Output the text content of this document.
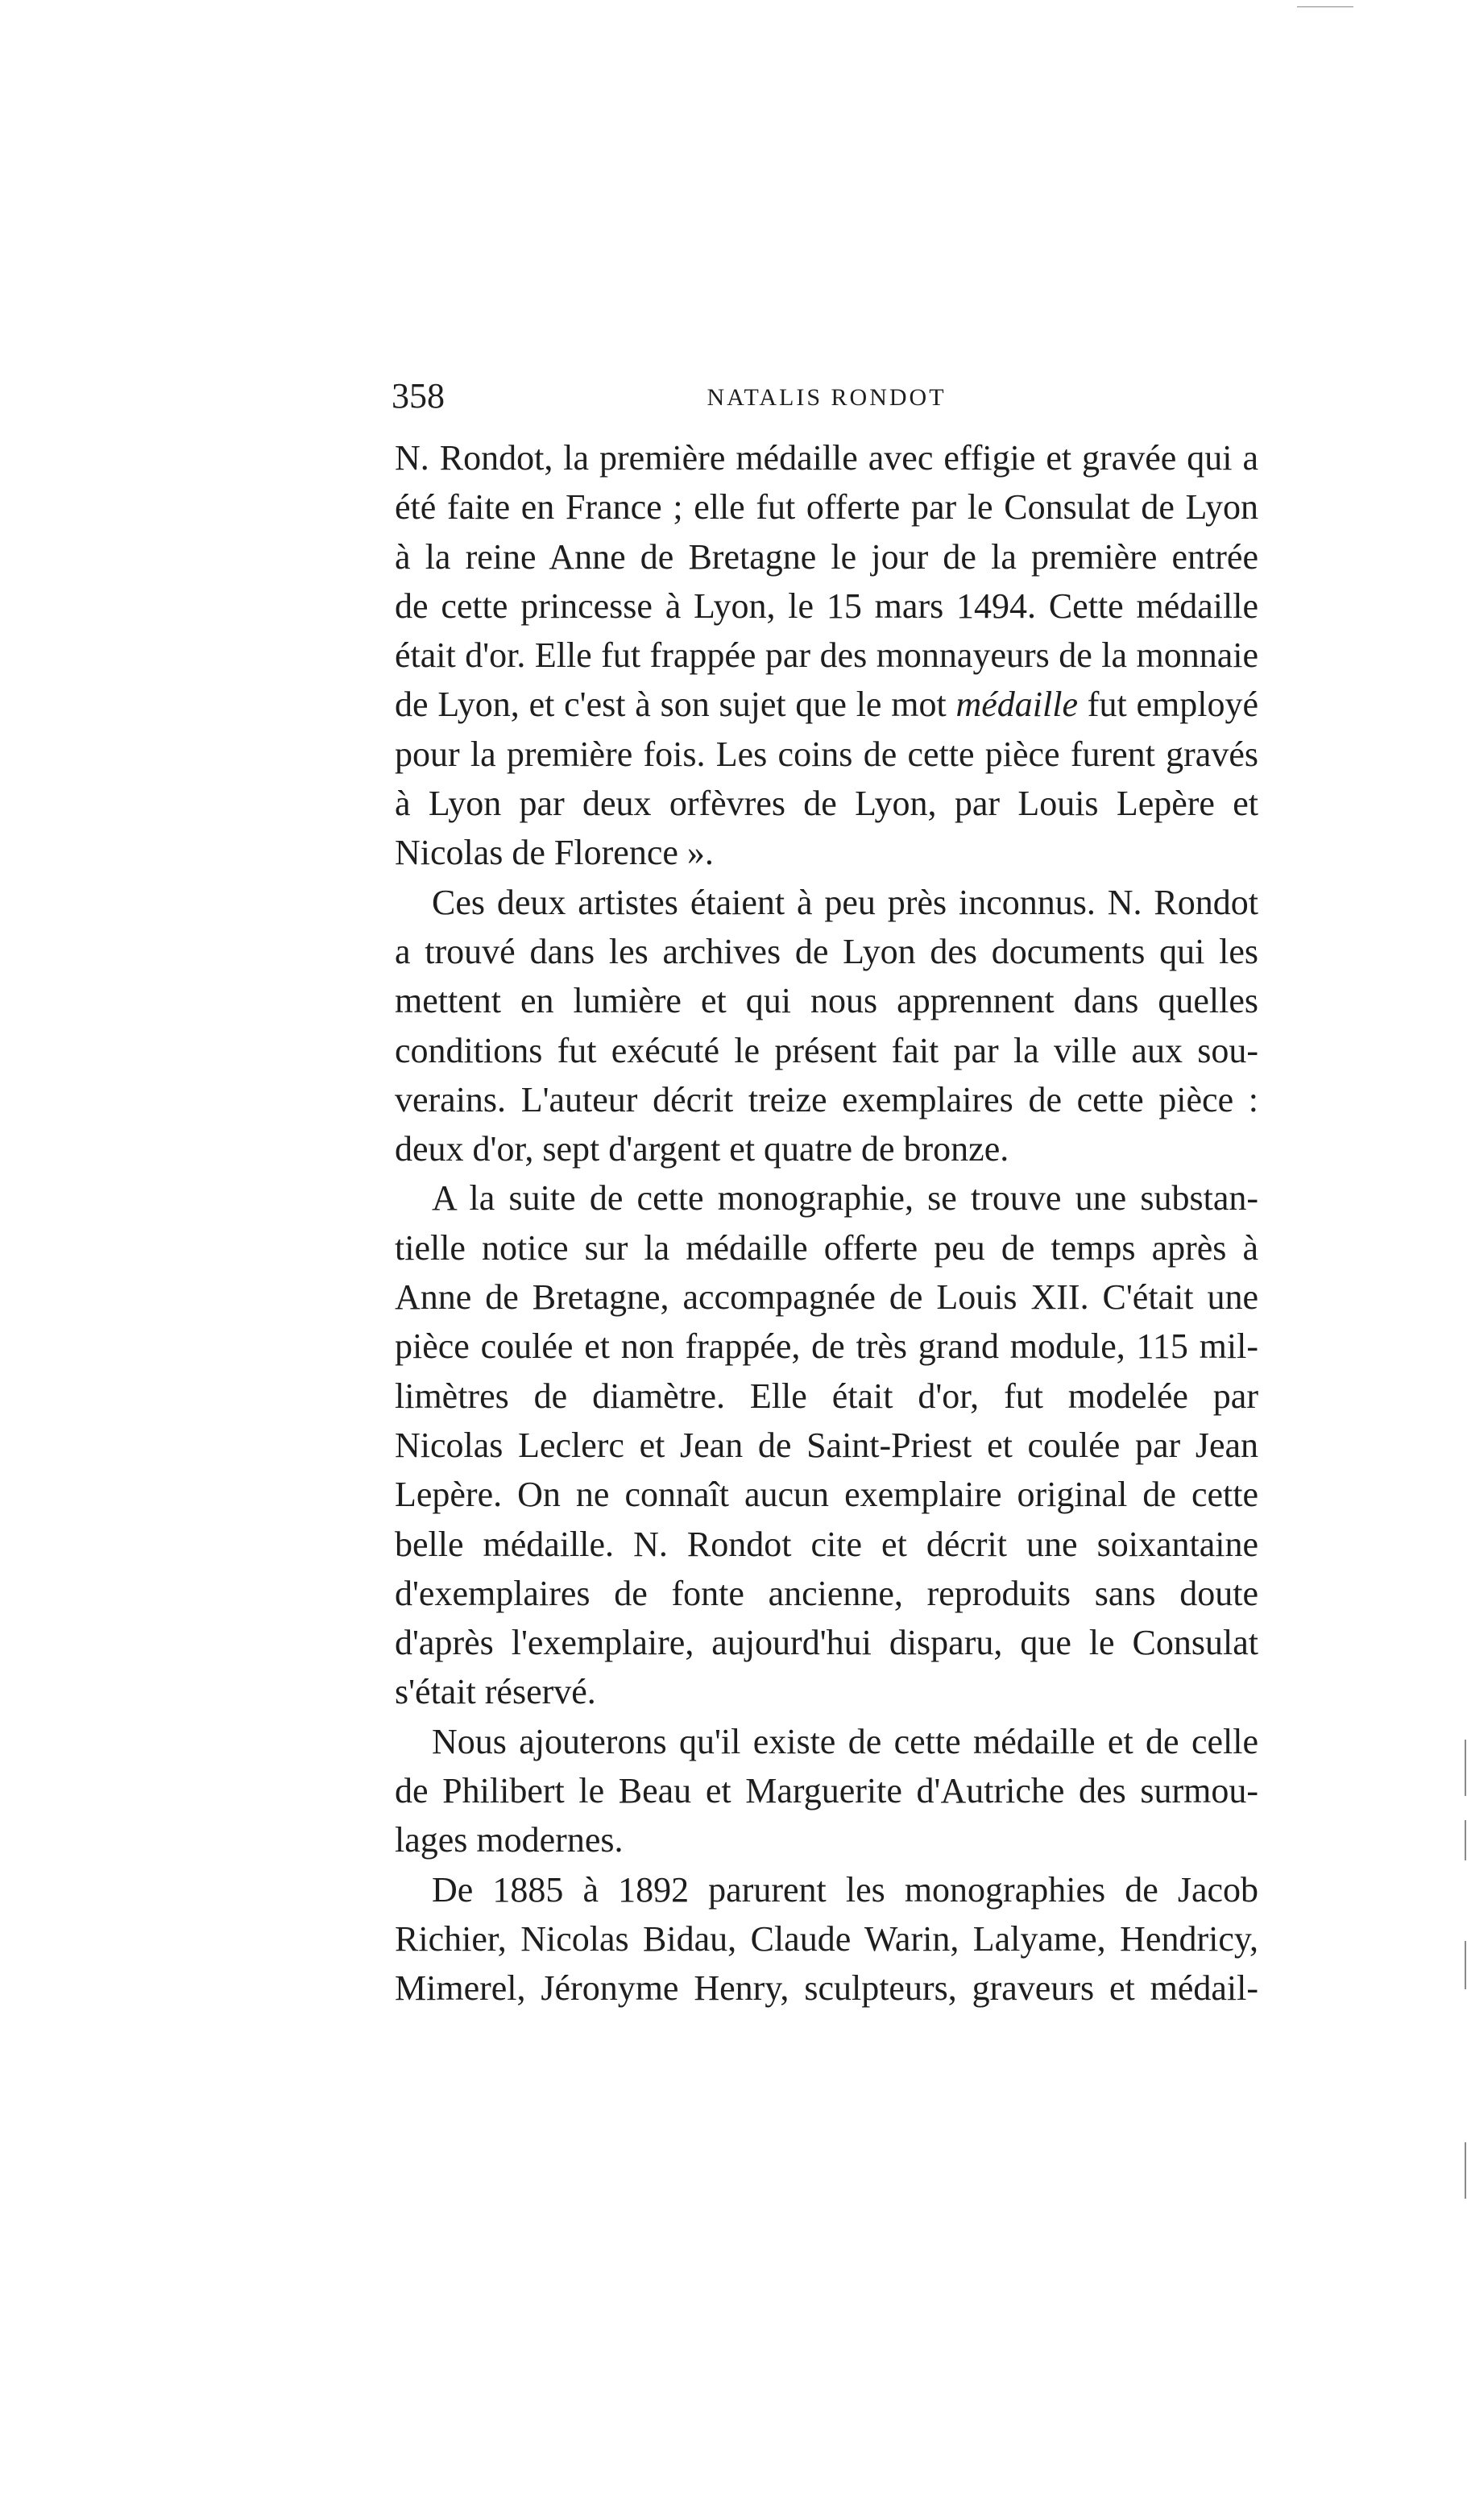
358	NATALIS RONDOT
N. Rondot, la première médaille avec effigie et gravée qui a
été faite en France ; elle fut offerte par le Consulat de Lyon
à la reine Anne de Bretagne le jour de la première entrée
de cette princesse à Lyon, le 15 mars 1494. Cette médaille
était d'or. Elle fut frappée par des monnayeurs de la monnaie
de Lyon, et c'est à son sujet que le mot médaille fut employé
pour la première fois. Les coins de cette pièce furent gravés
à Lyon par deux orfèvres de Lyon, par Louis Lepère et
Nicolas de Florence ».
Ces deux artistes étaient à peu près inconnus. N. Rondot
a trouvé dans les archives de Lyon des documents qui les
mettent en lumière et qui nous apprennent dans quelles
conditions fut exécuté le présent fait par la ville aux sou-
verains. L'auteur décrit treize exemplaires de cette pièce :
deux d'or, sept d'argent et quatre de bronze.
A la suite de cette monographie, se trouve une substan-
tielle notice sur la médaille offerte peu de temps après à
Anne de Bretagne, accompagnée de Louis XII. C'était une
pièce coulée et non frappée, de très grand module, 115 mil-
limètres de diamètre. Elle était d'or, fut modelée par
Nicolas Leclerc et Jean de Saint-Priest et coulée par Jean
Lepère. On ne connaît aucun exemplaire original de cette
belle médaille. N. Rondot cite et décrit une soixantaine
d'exemplaires de fonte ancienne, reproduits sans doute
d'après l'exemplaire, aujourd'hui disparu, que le Consulat
s'était réservé.
Nous ajouterons qu'il existe de cette médaille et de celle
de Philibert le Beau et Marguerite d'Autriche des surmou-
lages modernes.
De 1885 à 1892 parurent les monographies de Jacob
Richier, Nicolas Bidau, Claude Warin, Lalyame, Hendricy,
Mimerel, Jéronyme Henry, sculpteurs, graveurs et médail-
